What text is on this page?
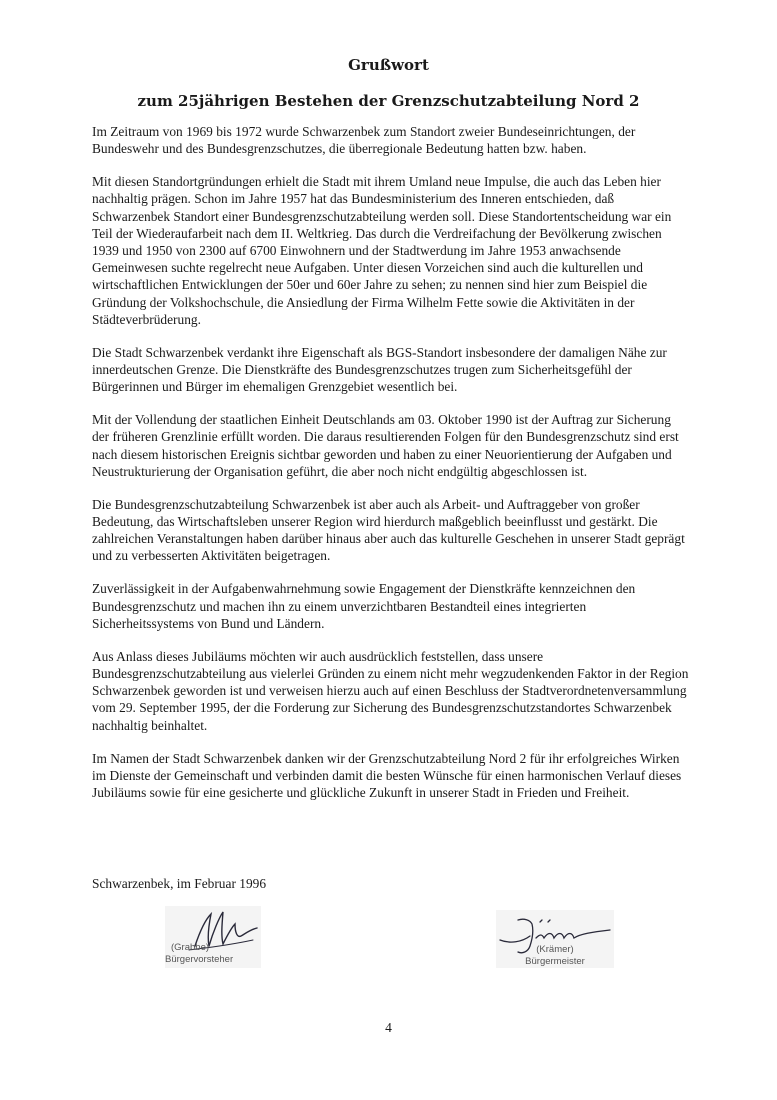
Grußwort
zum 25jährigen Bestehen der Grenzschutzabteilung Nord 2

Im Zeitraum von 1969 bis 1972 wurde Schwarzenbek zum Standort zweier Bundeseinrichtungen, der Bundeswehr und des Bundesgrenzschutzes, die überregionale Bedeutung hatten bzw. haben.

Mit diesen Standortgründungen erhielt die Stadt mit ihrem Umland neue Impulse, die auch das Leben hier nachhaltig prägen. Schon im Jahre 1957 hat das Bundesministerium des Inneren entschieden, daß Schwarzenbek Standort einer Bundesgrenzschutzabteilung werden soll. Diese Standortentscheidung war ein Teil der Wiederaufarbeit nach dem II. Weltkrieg. Das durch die Verdreifachung der Bevölkerung zwischen 1939 und 1950 von 2300 auf 6700 Einwohnern und der Stadtwerdung im Jahre 1953 anwachsende Gemeinwesen suchte regelrecht neue Aufgaben. Unter diesen Vorzeichen sind auch die kulturellen und wirtschaftlichen Entwicklungen der 50er und 60er Jahre zu sehen; zu nennen sind hier zum Beispiel die Gründung der Volkshochschule, die Ansiedlung der Firma Wilhelm Fette sowie die Aktivitäten in der Städteverbrüderung.

Die Stadt Schwarzenbek verdankt ihre Eigenschaft als BGS-Standort insbesondere der damaligen Nähe zur innerdeutschen Grenze. Die Dienstkräfte des Bundesgrenzschutzes trugen zum Sicherheitsgefühl der Bürgerinnen und Bürger im ehemaligen Grenzgebiet wesentlich bei.

Mit der Vollendung der staatlichen Einheit Deutschlands am 03. Oktober 1990 ist der Auftrag zur Sicherung der früheren Grenzlinie erfüllt worden. Die daraus resultierenden Folgen für den Bundesgrenzschutz sind erst nach diesem historischen Ereignis sichtbar geworden und haben zu einer Neuorientierung der Aufgaben und Neustrukturierung der Organisation geführt, die aber noch nicht endgültig abgeschlossen ist.

Die Bundesgrenzschutzabteilung Schwarzenbek ist aber auch als Arbeit- und Auftraggeber von großer Bedeutung, das Wirtschaftsleben unserer Region wird hierdurch maßgeblich beeinflusst und gestärkt. Die zahlreichen Veranstaltungen haben darüber hinaus aber auch das kulturelle Geschehen in unserer Stadt geprägt und zu verbesserten Aktivitäten beigetragen.

Zuverlässigkeit in der Aufgabenwahrnehmung sowie Engagement der Dienstkräfte kennzeichnen den Bundesgrenzschutz und machen ihn zu einem unverzichtbaren Bestandteil eines integrierten Sicherheitssystems von Bund und Ländern.

Aus Anlass dieses Jubiläums möchten wir auch ausdrücklich feststellen, dass unsere Bundesgrenzschutzabteilung aus vielerlei Gründen zu einem nicht mehr wegzudenkenden Faktor in der Region Schwarzenbek geworden ist und verweisen hierzu auch auf einen Beschluss der Stadtverordnetenversammlung vom 29. September 1995, der die Forderung zur Sicherung des Bundesgrenzschutzstandortes Schwarzenbek nachhaltig beinhaltet.

Im Namen der Stadt Schwarzenbek danken wir der Grenzschutzabteilung Nord 2 für ihr erfolgreiches Wirken im Dienste der Gemeinschaft und verbinden damit die besten Wünsche für einen harmonischen Verlauf dieses Jubiläums sowie für eine gesicherte und glückliche Zukunft in unserer Stadt in Frieden und Freiheit.

Schwarzenbek, im Februar 1996

(Grabbe)
Bürgervorsteher
(Krämer)
Bürgermeister

4
